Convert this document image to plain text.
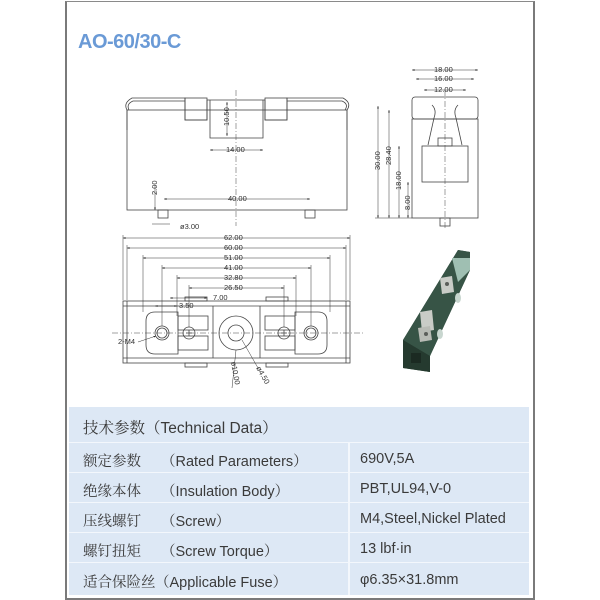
AO-60/30-C
10.50
14.00
2.00
40.00
ø3.00
18.00
16.00
12.00
30.00 28.40
18.00
8.00
62.00
60.00
51.00
41.00
32.80
26.50
7.00
3.50
2-M4
ø10.00 ø4.50
技术参数（Technical Data）
额定参数 （Rated Parameters）	690V,5A
绝缘本体 （Insulation Body）	PBT,UL94,V-0
压线螺钉 （Screw）	M4,Steel,Nickel Plated
螺钉扭矩 （Screw Torque）	13 lbf·in
适合保险丝 （Applicable Fuse）	φ6.35×31.8mm
